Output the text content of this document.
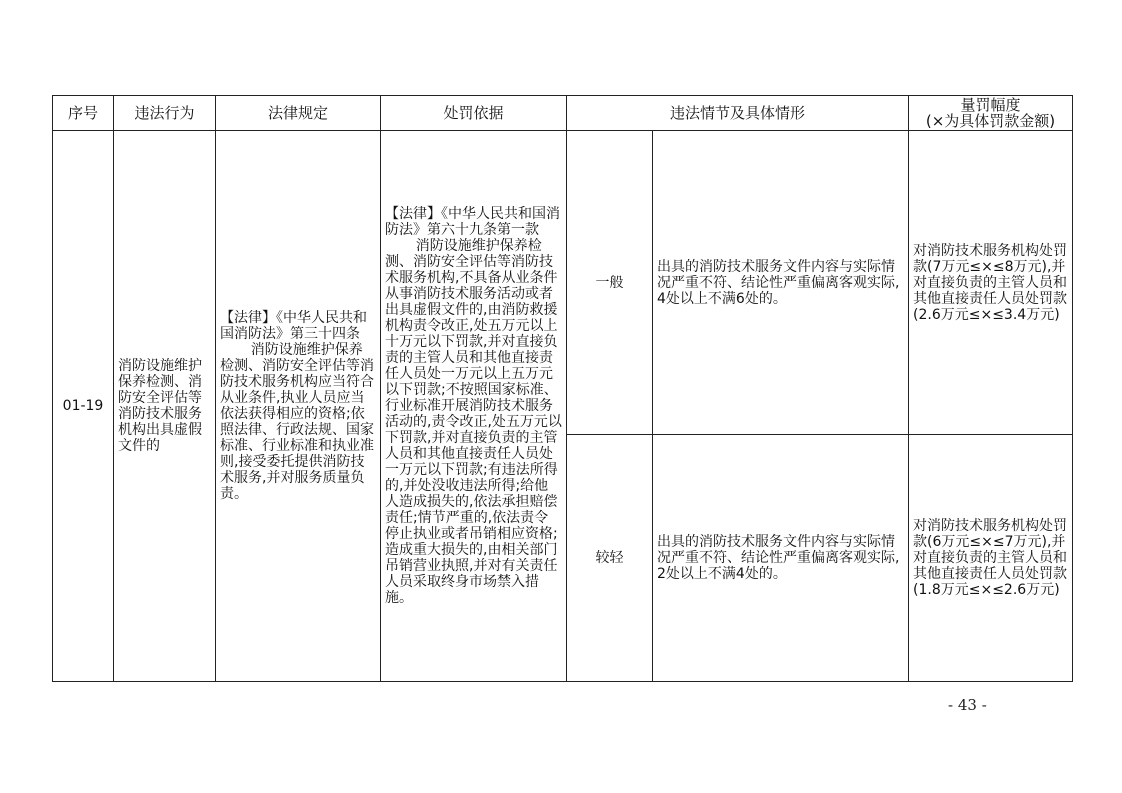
序号	违法行为	法律规定	处罚依据	违法情节及具体情形		量罚幅度
(×为具体罚款金额)

01-19	消防设施维护保养检测、消防安全评估等消防技术服务机构出具虚假文件的	【法律】《中华人民共和国消防法》第三十四条
消防设施维护保养检测、消防安全评估等消防技术服务机构应当符合从业条件,执业人员应当依法获得相应的资格;依照法律、行政法规、国家标准、行业标准和执业准则,接受委托提供消防技术服务,并对服务质量负责。	【法律】《中华人民共和国消防法》第六十九条第一款
消防设施维护保养检测、消防安全评估等消防技术服务机构,不具备从业条件从事消防技术服务活动或者出具虚假文件的,由消防救援机构责令改正,处五万元以上十万元以下罚款,并对直接负责的主管人员和其他直接责任人员处一万元以上五万元以下罚款;不按照国家标准、行业标准开展消防技术服务活动的,责令改正,处五万元以下罚款,并对直接负责的主管人员和其他直接责任人员处一万元以下罚款;有违法所得的,并处没收违法所得;给他人造成损失的,依法承担赔偿责任;情节严重的,依法责令停止执业或者吊销相应资格;造成重大损失的,由相关部门吊销营业执照,并对有关责任人员采取终身市场禁入措施。	一般	出具的消防技术服务文件内容与实际情况严重不符、结论性严重偏离客观实际,4处以上不满6处的。	对消防技术服务机构处罚款(7万元≤×≤8万元),并对直接负责的主管人员和其他直接责任人员处罚款(2.6万元≤×≤3.4万元)
				较轻	出具的消防技术服务文件内容与实际情况严重不符、结论性严重偏离客观实际,2处以上不满4处的。	对消防技术服务机构处罚款(6万元≤×≤7万元),并对直接负责的主管人员和其他直接责任人员处罚款(1.8万元≤×≤2.6万元)
- 43 -
